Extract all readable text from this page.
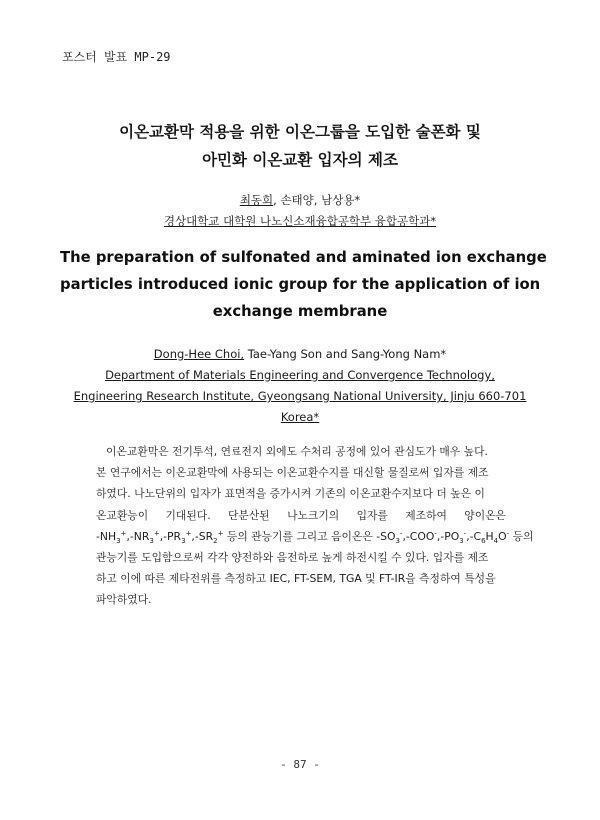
포스터 발표 MP-29
이온교환막 적용을 위한 이온그룹을 도입한 술폰화 및
아민화 이온교환 입자의 제조
최동희, 손태양, 남상용*
경상대학교 대학원 나노신소재융합공학부 융합공학과*
The preparation of sulfonated and aminated ion exchange
particles introduced ionic group for the application of ion
exchange membrane
Dong-Hee Choi, Tae-Yang Son and Sang-Yong Nam*
Department of Materials Engineering and Convergence Technology,
Engineering Research Institute, Gyeongsang National University, Jinju 660-701
Korea*
이온교환막은 전기투석, 연료전지 외에도 수처리 공정에 있어 관심도가 매우 높다.
본 연구에서는 이온교환막에 사용되는 이온교환수지를 대신할 물질로써 입자를 제조
하였다. 나노단위의 입자가 표면적을 증가시켜 기존의 이온교환수지보다 더 높은 이
온교환능이 기대된다. 단분산된 나노크기의 입자를 제조하여 양이온은
$-NH_3^+$, $-NR_3^+$, $-PR_3^+$, $-SR_2^+$
등의 관능기를 그리고 음이온은 -SO $_3$-, -COO-, $-PO_3^-$, $-C_6H_4O^-$
등의
관능기를 도입함으로써 각각 양전하와 음전하로 높게 하전시킬 수 있다. 입자를 제조
하고 이에 따른 제타전위를 측정하고 IEC, FT-SEM, TGA 및 FT-IR을 측정하여 특성을
파악하였다.
- 87 -
